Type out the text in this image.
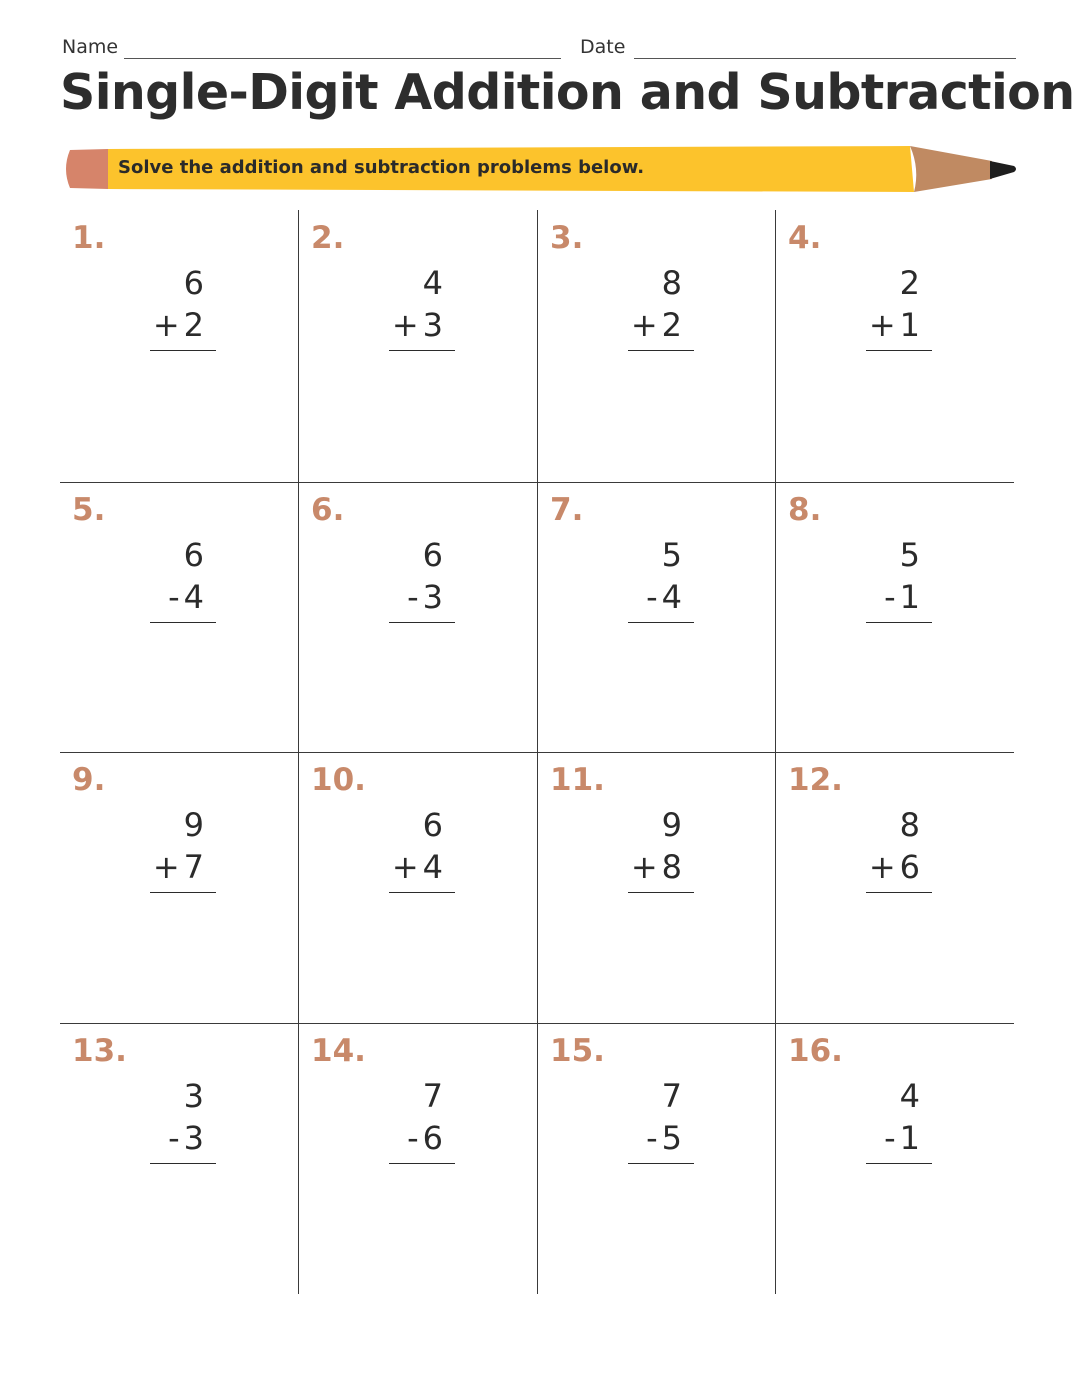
Name	Date
Single-Digit Addition and Subtraction
Solve the addition and subtraction problems below.
1.
6
+ 2
2.
4
+ 3
3.
8
+ 2
4.
2
+ 1
5.
6
- 4
6.
6
- 3
7.
5
- 4
8.
5
- 1
9.
9
+ 7
10.
6
+ 4
11.
9
+ 8
12.
8
+ 6
13.
3
- 3
14.
7
- 6
15.
7
- 5
16.
4
- 1
